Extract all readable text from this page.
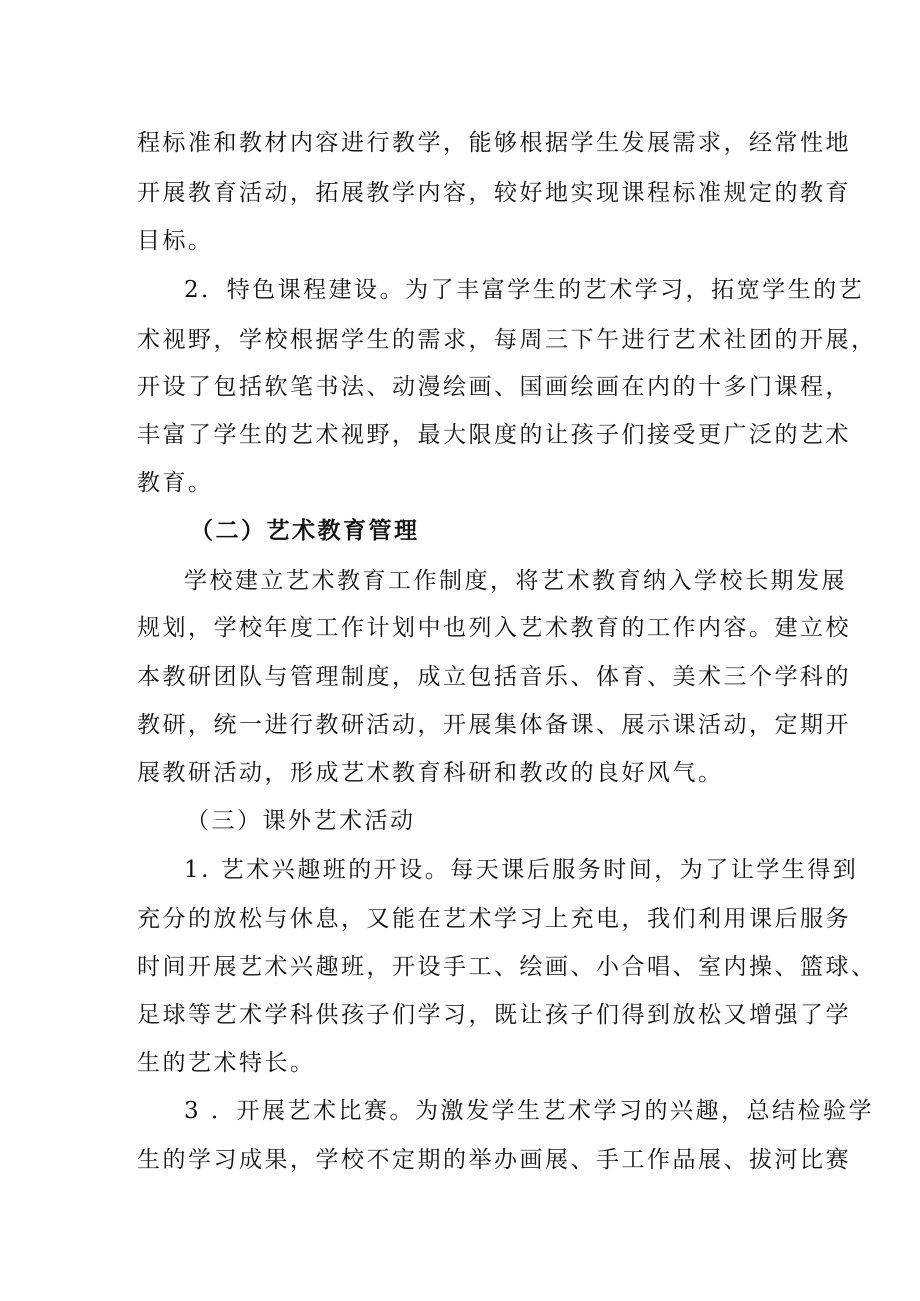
程标准和教材内容进行教学，能够根据学生发展需求，经常性地
开展教育活动，拓展教学内容，较好地实现课程标准规定的教育
目标。
2．特色课程建设。为了丰富学生的艺术学习，拓宽学生的艺
术视野，学校根据学生的需求，每周三下午进行艺术社团的开展，
开设了包括软笔书法、动漫绘画、国画绘画在内的十多门课程，
丰富了学生的艺术视野，最大限度的让孩子们接受更广泛的艺术
教育。
（二）艺术教育管理
学校建立艺术教育工作制度，将艺术教育纳入学校长期发展
规划，学校年度工作计划中也列入艺术教育的工作内容。建立校
本教研团队与管理制度，成立包括音乐、体育、美术三个学科的
教研，统一进行教研活动，开展集体备课、展示课活动，定期开
展教研活动，形成艺术教育科研和教改的良好风气。
（三）课外艺术活动
1. 艺术兴趣班的开设。每天课后服务时间，为了让学生得到
充分的放松与休息，又能在艺术学习上充电，我们利用课后服务
时间开展艺术兴趣班，开设手工、绘画、小合唱、室内操、篮球、
足球等艺术学科供孩子们学习，既让孩子们得到放松又增强了学
生的艺术特长。
3 ．开展艺术比赛。为激发学生艺术学习的兴趣，总结检验学
生的学习成果，学校不定期的举办画展、手工作品展、拔河比赛
